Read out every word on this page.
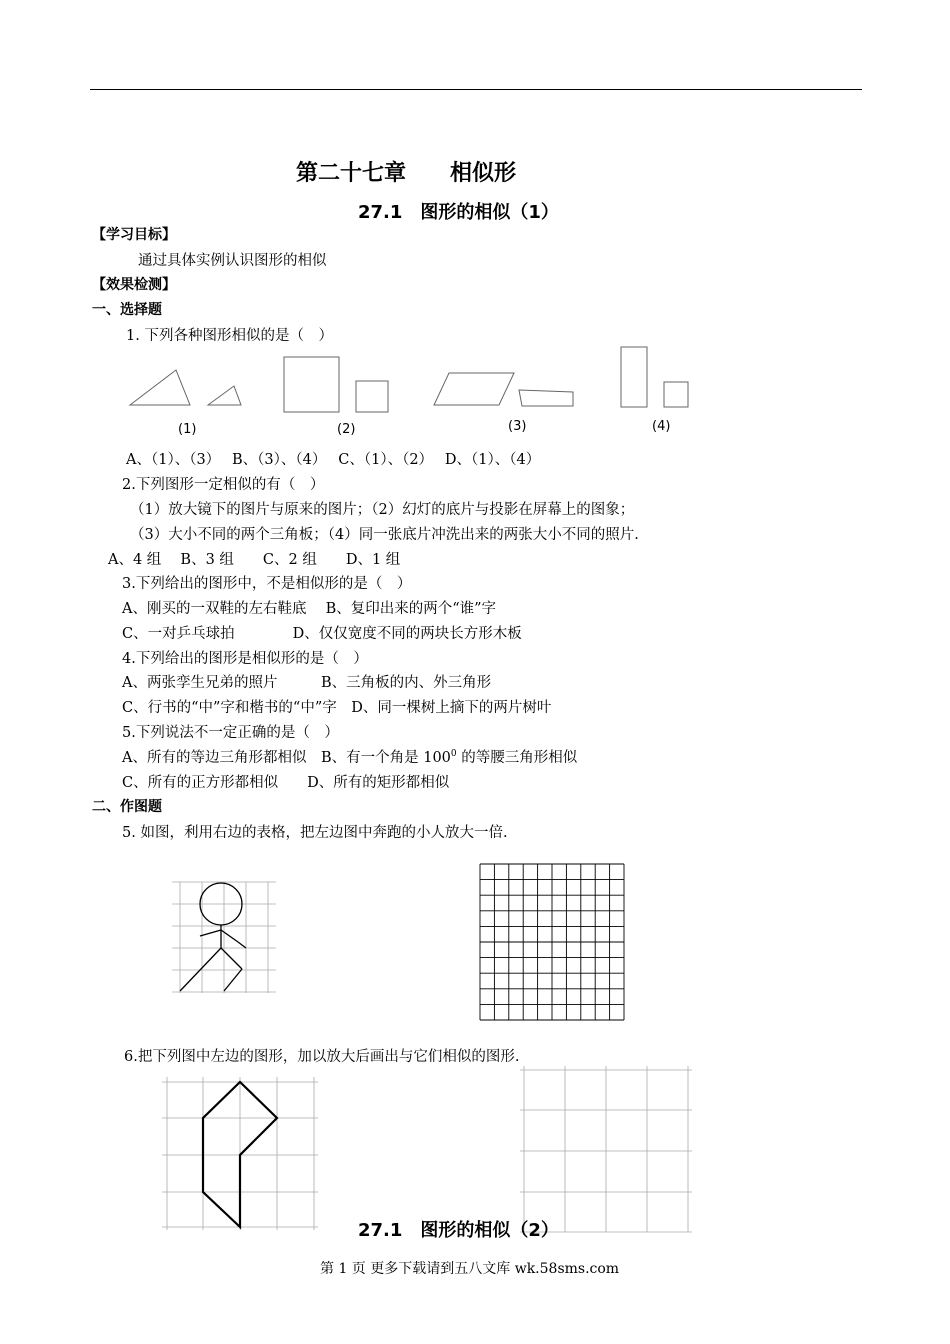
第二十七章　　相似形
27.1　图形的相似（1）
【学习目标】
通过具体实例认识图形的相似
【效果检测】
一、选择题
1. 下列各种图形相似的是（　）
(1)	(2)	(3)	(4)
A、（1）、（3）　 B、（3）、（4）　 C、（1）、（2）　 D、（1）、（4）
2.下列图形一定相似的有（　）
（1）放大镜下的图片与原来的图片；（2）幻灯的底片与投影在屏幕上的图象；
（3）大小不同的两个三角板；（4）同一张底片冲洗出来的两张大小不同的照片.
A、4 组　 B、3 组　　C、2 组　　D、1 组
3.下列给出的图形中，不是相似形的是（　）
A、刚买的一双鞋的左右鞋底　 B、复印出来的两个“谁”字
C、一对乒乓球拍　　　　D、仅仅宽度不同的两块长方形木板
4.下列给出的图形是相似形的是（　）
A、两张孪生兄弟的照片　　　B、三角板的内、外三角形
C、行书的“中”字和楷书的“中”字　D、同一棵树上摘下的两片树叶
5.下列说法不一定正确的是（　）
A、所有的等边三角形都相似　B、有一个角是 $100^0$ 的等腰三角形相似
C、所有的正方形都相似　　D、所有的矩形都相似
二、作图题
5. 如图，利用右边的表格，把左边图中奔跑的小人放大一倍.
6.把下列图中左边的图形，加以放大后画出与它们相似的图形.
27.1　图形的相似（2）
第 1 页 更多下载请到五八文库 wk.58sms.com
